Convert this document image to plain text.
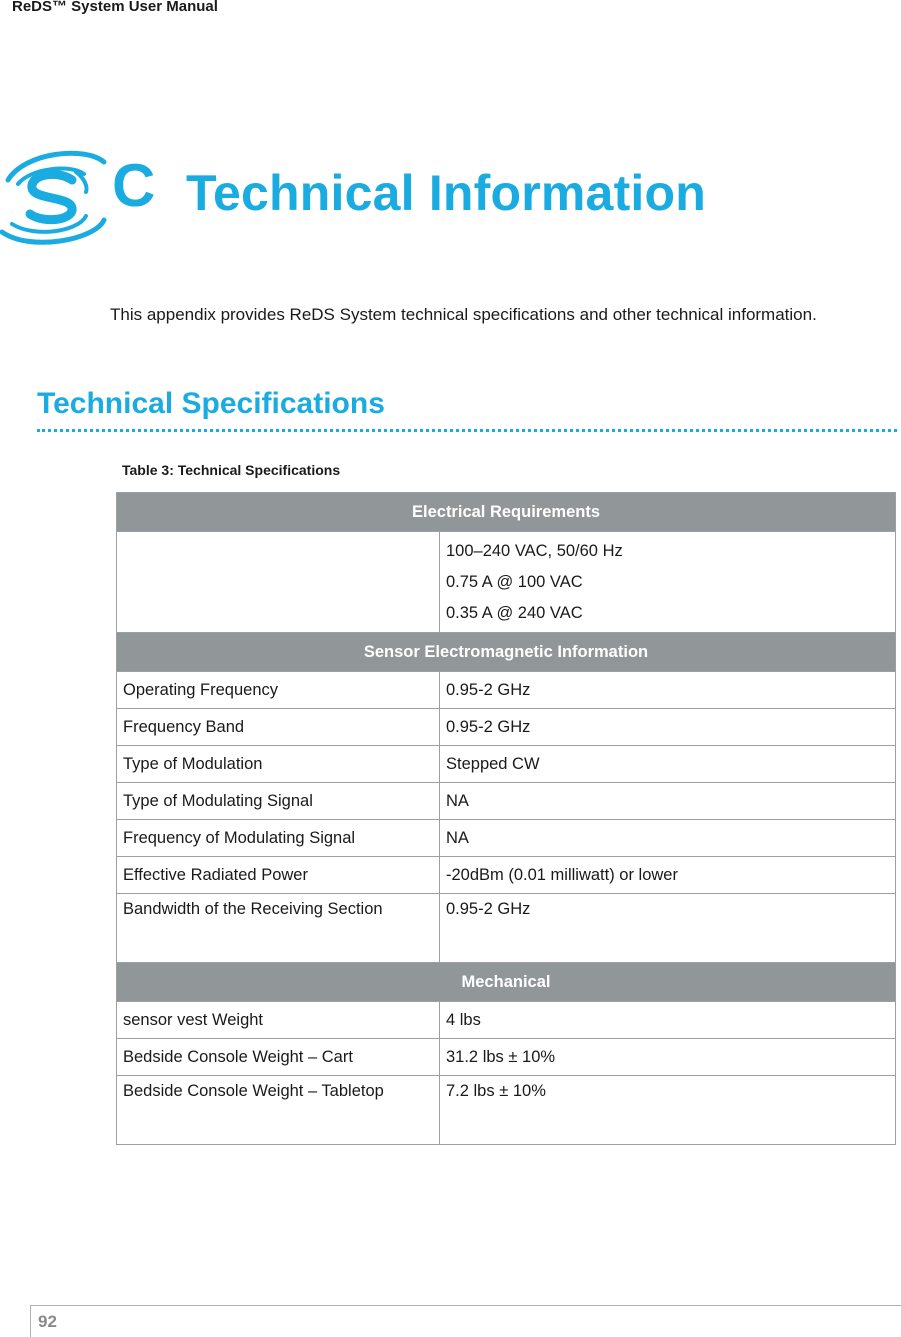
ReDS™ System User Manual
C Technical Information
This appendix provides ReDS System technical specifications and other technical information.
Technical Specifications
Table 3: Technical Specifications
Electrical Requirements	

	100–240 VAC, 50/60 Hz
0.75 A @ 100 VAC
0.35 A @ 240 VAC

Sensor Electromagnetic Information	
Operating Frequency	0.95-2 GHz
Frequency Band	0.95-2 GHz
Type of Modulation	Stepped CW
Type of Modulating Signal	NA
Frequency of Modulating Signal	NA
Effective Radiated Power	-20dBm (0.01 milliwatt) or lower
Bandwidth of the Receiving Section	0.95-2 GHz
Mechanical	
sensor vest Weight	4 lbs
Bedside Console Weight – Cart	31.2 lbs ± 10%
Bedside Console Weight – Tabletop	7.2 lbs ± 10%
92
